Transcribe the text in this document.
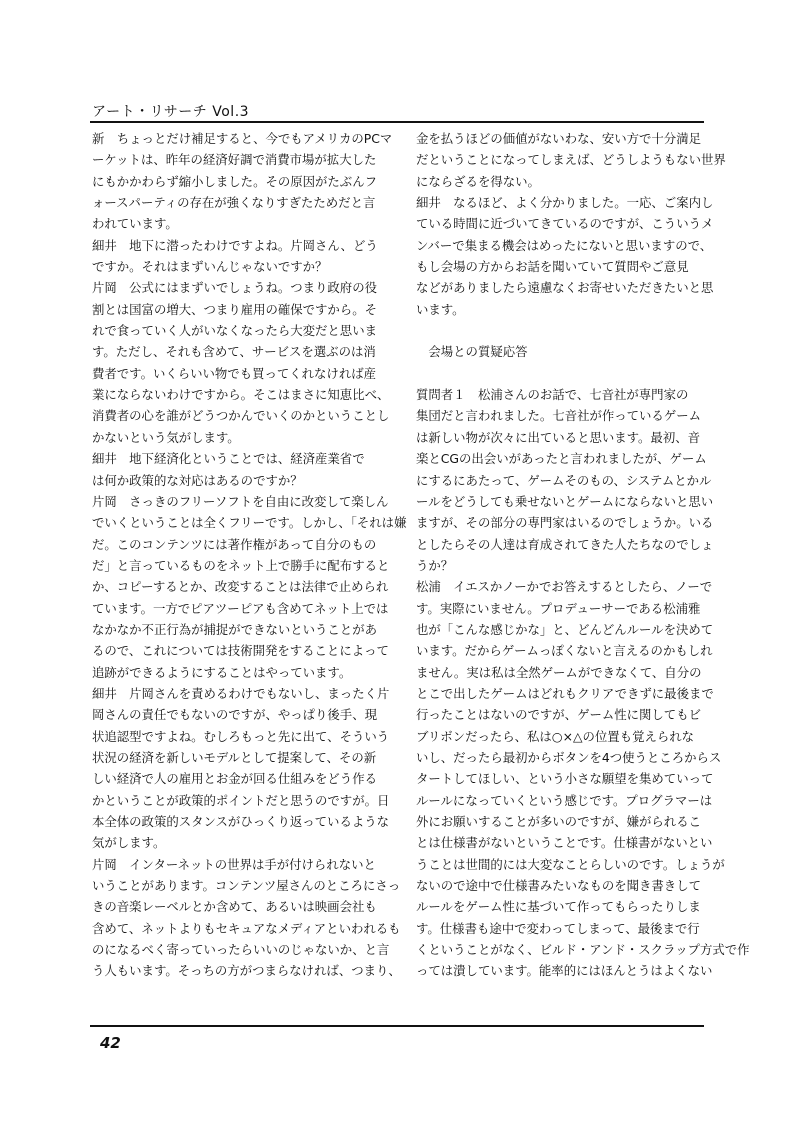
アート・リサーチ Vol.3
新　ちょっとだけ補足すると、今でもアメリカのPCマ
ーケットは、昨年の経済好調で消費市場が拡大した
にもかかわらず縮小しました。その原因がたぶんフ
ォースパーティの存在が強くなりすぎたためだと言
われています。
細井　地下に潜ったわけですよね。片岡さん、どう
ですか。それはまずいんじゃないですか？
片岡　公式にはまずいでしょうね。つまり政府の役
割とは国富の増大、つまり雇用の確保ですから。そ
れで食っていく人がいなくなったら大変だと思いま
す。ただし、それも含めて、サービスを選ぶのは消
費者です。いくらいい物でも買ってくれなければ産
業にならないわけですから。そこはまさに知恵比べ、
消費者の心を誰がどうつかんでいくのかということし
かないという気がします。
細井　地下経済化ということでは、経済産業省で
は何か政策的な対応はあるのですか？
片岡　さっきのフリーソフトを自由に改変して楽しん
でいくということは全くフリーです。しかし、「それは嫌
だ。このコンテンツには著作権があって自分のもの
だ」と言っているものをネット上で勝手に配布すると
か、コピーするとか、改変することは法律で止められ
ています。一方でピアツーピアも含めてネット上では
なかなか不正行為が捕捉ができないということがあ
るので、これについては技術開発をすることによって
追跡ができるようにすることはやっています。
細井　片岡さんを責めるわけでもないし、まったく片
岡さんの責任でもないのですが、やっぱり後手、現
状追認型ですよね。むしろもっと先に出て、そういう
状況の経済を新しいモデルとして提案して、その新
しい経済で人の雇用とお金が回る仕組みをどう作る
かということが政策的ポイントだと思うのですが。日
本全体の政策的スタンスがひっくり返っているような
気がします。
片岡　インターネットの世界は手が付けられないと
いうことがあります。コンテンツ屋さんのところにさっ
きの音楽レーベルとか含めて、あるいは映画会社も
含めて、ネットよりもセキュアなメディアといわれるも
のになるべく寄っていったらいいのじゃないか、と言
う人もいます。そっちの方がつまらなければ、つまり、
金を払うほどの価値がないわな、安い方で十分満足
だということになってしまえば、どうしようもない世界
にならざるを得ない。
細井　なるほど、よく分かりました。一応、ご案内し
ている時間に近づいてきているのですが、こういうメ
ンバーで集まる機会はめったにないと思いますので、
もし会場の方からお話を聞いていて質問やご意見
などがありましたら遠慮なくお寄せいただきたいと思
います。
　会場との質疑応答
質問者１　松浦さんのお話で、七音社が専門家の
集団だと言われました。七音社が作っているゲーム
は新しい物が次々に出ていると思います。最初、音
楽とCGの出会いがあったと言われましたが、ゲーム
にするにあたって、ゲームそのもの、システムとかル
ールをどうしても乗せないとゲームにならないと思い
ますが、その部分の専門家はいるのでしょうか。いる
としたらその人達は育成されてきた人たちなのでしょ
うか？
松浦　イエスかノーかでお答えするとしたら、ノーで
す。実際にいません。プロデューサーである松浦雅
也が「こんな感じかな」と、どんどんルールを決めて
います。だからゲームっぽくないと言えるのかもしれ
ません。実は私は全然ゲームができなくて、自分の
とこで出したゲームはどれもクリアできずに最後まで
行ったことはないのですが、ゲーム性に関してもビ
ブリボンだったら、私は○×△の位置も覚えられな
いし、だったら最初からボタンを4つ使うところからス
タートしてほしい、という小さな願望を集めていって
ルールになっていくという感じです。プログラマーは
外にお願いすることが多いのですが、嫌がられるこ
とは仕様書がないということです。仕様書がないとい
うことは世間的には大変なことらしいのです。しょうが
ないので途中で仕様書みたいなものを聞き書きして
ルールをゲーム性に基づいて作ってもらったりしま
す。仕様書も途中で変わってしまって、最後まで行
くということがなく、ビルド・アンド・スクラップ方式で作
っては潰しています。能率的にはほんとうはよくない
42
